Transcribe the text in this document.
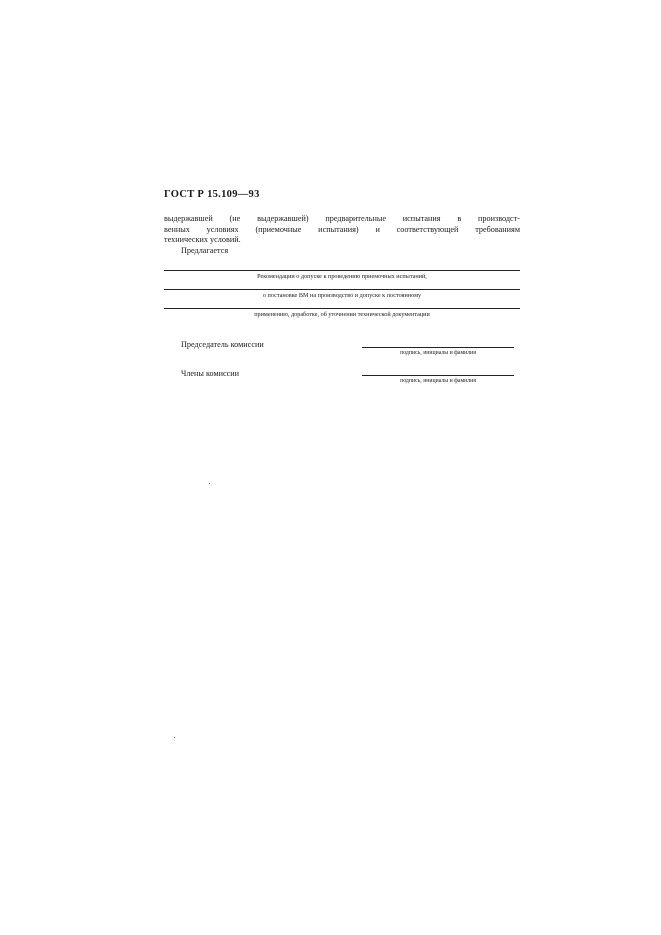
ГОСТ Р 15.109—93
выдержавшей (не выдержавшей) предварительные испытания в производст-
венных условиях (приемочные испытания) и соответствующей требованиям
технических условий.
Предлагается
Рекомендации о допуске к проведению приемочных испытаний,
о постановке ВМ на производство и допуске к постоянному
применению, доработке, об уточнении технической документации
Председатель комиссии
подпись, инициалы и фамилия
Члены комиссии
подпись, инициалы и фамилия
